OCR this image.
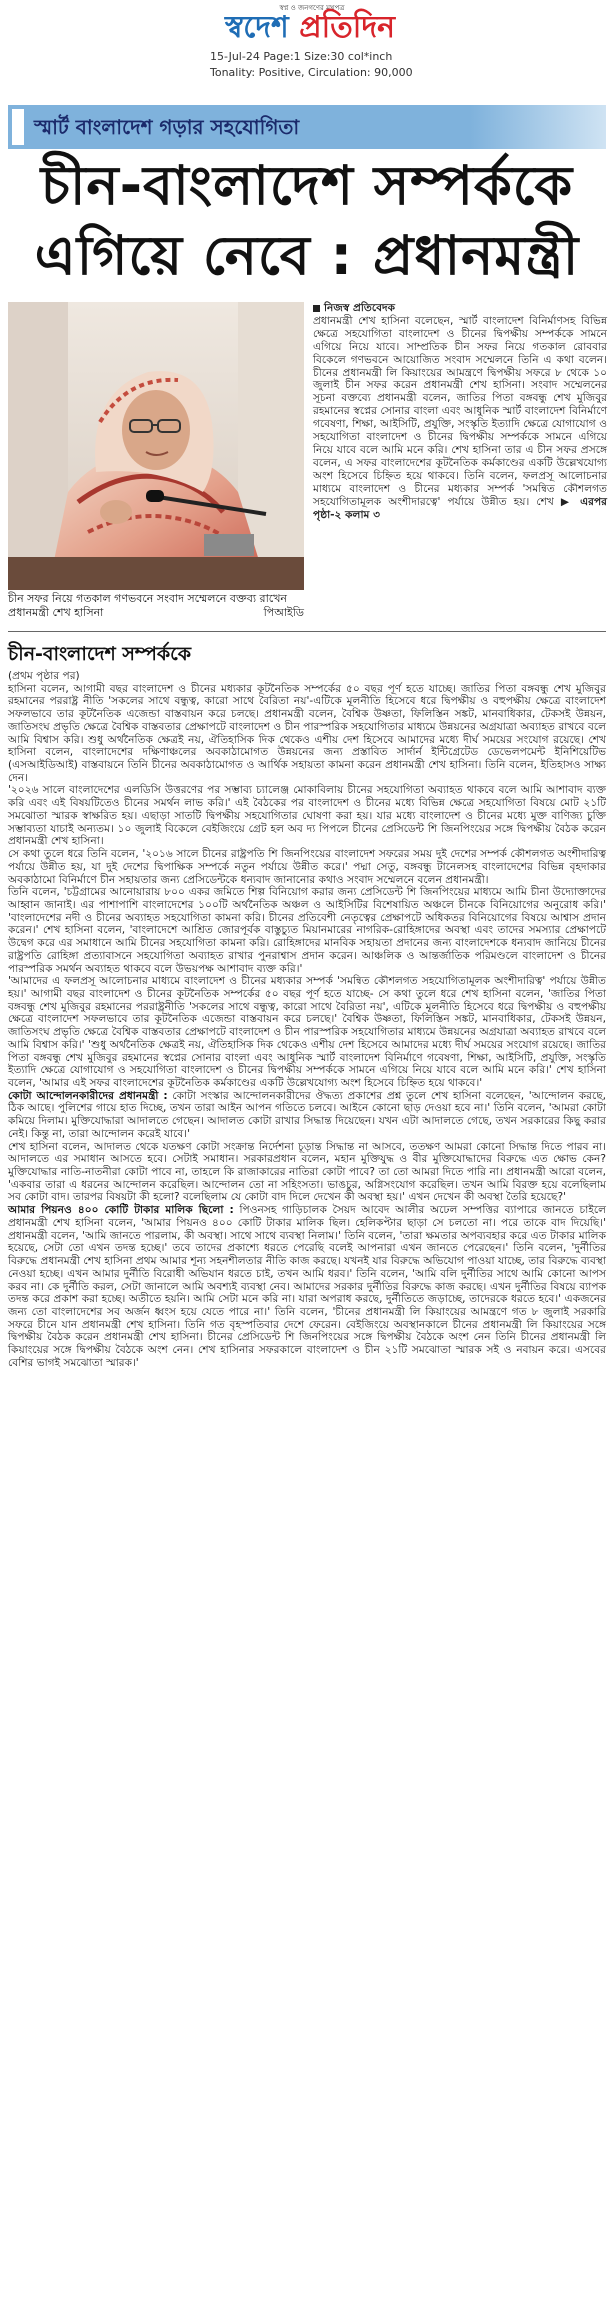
স্বপ্ন ও জনগণের মুখপত্র
স্বদেশ প্রতিদিন
15-Jul-24 Page:1 Size:30 col*inch
Tonality: Positive, Circulation: 90,000
স্মার্ট বাংলাদেশ গড়ার সহযোগিতা
চীন-বাংলাদেশ সম্পর্ককে
এগিয়ে নেবে : প্রধানমন্ত্রী
চীন সফর নিয়ে গতকাল গণভবনে সংবাদ সম্মেলনে বক্তব্য রাখেন প্রধানমন্ত্রী শেখ হাসিনা	পিআইডি
নিজস্ব প্রতিবেদক
প্রধানমন্ত্রী শেখ হাসিনা বলেছেন, স্মার্ট বাংলাদেশ বিনির্মাণসহ বিভিন্ন ক্ষেত্রে সহযোগিতা বাংলাদেশ ও চীনের দ্বিপক্ষীয় সম্পর্ককে সামনে এগিয়ে নিয়ে যাবে। সাম্প্রতিক চীন সফর নিয়ে গতকাল রোববার বিকেলে গণভবনে আয়োজিত সংবাদ সম্মেলনে তিনি এ কথা বলেন। চীনের প্রধানমন্ত্রী লি কিয়াংয়ের আমন্ত্রণে দ্বিপক্ষীয় সফরে ৮ থেকে ১০ জুলাই চীন সফর করেন প্রধানমন্ত্রী শেখ হাসিনা। সংবাদ সম্মেলনের সূচনা বক্তব্যে প্রধানমন্ত্রী বলেন, জাতির পিতা বঙ্গবন্ধু শেখ মুজিবুর রহমানের স্বপ্নের সোনার বাংলা এবং আধুনিক স্মার্ট বাংলাদেশ বিনির্মাণে গবেষণা, শিক্ষা, আইসিটি, প্রযুক্তি, সংস্কৃতি ইত্যাদি ক্ষেত্রে যোগাযোগ ও সহযোগিতা বাংলাদেশ ও চীনের দ্বিপক্ষীয় সম্পর্ককে সামনে এগিয়ে নিয়ে যাবে বলে আমি মনে করি। শেখ হাসিনা তার এ চীন সফর প্রসঙ্গে বলেন, এ সফর বাংলাদেশের কূটনৈতিক কর্মকাণ্ডের একটি উল্লেখযোগ্য অংশ হিসেবে চিহ্নিত হয়ে থাকবে। তিনি বলেন, ফলপ্রসূ আলোচনার মাধ্যমে বাংলাদেশ ও চীনের মধ্যকার সম্পর্ক 'সমন্বিত কৌশলগত সহযোগিতামূলক অংশীদারত্বে' পর্যায়ে উন্নীত হয়। শেখ ▶ এরপর পৃষ্ঠা-২ কলাম ৩
চীন-বাংলাদেশ সম্পর্ককে

(প্রথম পৃষ্ঠার পর)

হাসিনা বলেন, আগামী বছর বাংলাদেশ ও চীনের মধ্যকার কূটনৈতিক সম্পর্কের ৫০ বছর পূর্ণ হতে যাচ্ছে। জাতির পিতা বঙ্গবন্ধু শেখ মুজিবুর রহমানের পররাষ্ট্র নীতি 'সকলের সাথে বন্ধুত্ব, কারো সাথে বৈরিতা নয়'-এটিকে মূলনীতি হিসেবে ধরে দ্বিপক্ষীয় ও বহুপক্ষীয় ক্ষেত্রে বাংলাদেশ সফলভাবে তার কূটনৈতিক এজেন্ডা বাস্তবায়ন করে চলছে। প্রধানমন্ত্রী বলেন, বৈশ্বিক উষ্ণতা, ফিলিস্তিন সঙ্কট, মানবাধিকার, টেকসই উন্নয়ন, জাতিসংঘ প্রভৃতি ক্ষেত্রে বৈশ্বিক বাস্তবতার প্রেক্ষাপটে বাংলাদেশ ও চীন পারস্পরিক সহযোগিতার মাধ্যমে উন্নয়নের অগ্রযাত্রা অব্যাহত রাখবে বলে আমি বিশ্বাস করি। শুধু অর্থনৈতিক ক্ষেত্রই নয়, ঐতিহাসিক দিক থেকেও এশীয় দেশ হিসেবে আমাদের মধ্যে দীর্ঘ সময়ের সংযোগ রয়েছে। শেখ হাসিনা বলেন, বাংলাদেশের দক্ষিণাঞ্চলের অবকাঠামোগত উন্নয়নের জন্য প্রস্তাবিত সার্দার্ন ইন্টিগ্রেটেড ডেভেলপমেন্ট ইনিশিয়েটিভ (এসআইডিআই) বাস্তবায়নে তিনি চীনের অবকাঠামোগত ও আর্থিক সহায়তা কামনা করেন প্রধানমন্ত্রী শেখ হাসিনা। তিনি বলেন, ইতিহাসও সাক্ষ্য দেন।

'২০২৬ সালে বাংলাদেশের এলডিসি উত্তরণের পর সম্ভাব্য চ্যালেঞ্জ মোকাবিলায় চীনের সহযোগিতা অব্যাহত থাকবে বলে আমি আশাবাদ ব্যক্ত করি এবং এই বিষয়টিতেও চীনের সমর্থন লাভ করি।' এই বৈঠকের পর বাংলাদেশ ও চীনের মধ্যে বিভিন্ন ক্ষেত্রে সহযোগিতা বিষয়ে মোট ২১টি সমঝোতা স্মারক স্বাক্ষরিত হয়। এছাড়া সাতটি দ্বিপক্ষীয় সহযোগিতার ঘোষণা করা হয়। যার মধ্যে বাংলাদেশ ও চীনের মধ্যে মুক্ত বাণিজ্য চুক্তি সম্ভাব্যতা যাচাই অন্যতম। ১০ জুলাই বিকেলে বেইজিংয়ে গ্রেট হল অব দ্য পিপলে চীনের প্রেসিডেন্ট শি জিনপিংয়ের সঙ্গে দ্বিপক্ষীয় বৈঠক করেন প্রধানমন্ত্রী শেখ হাসিনা।

সে কথা তুলে ধরে তিনি বলেন, '২০১৬ সালে চীনের রাষ্ট্রপতি শি জিনপিংয়ের বাংলাদেশ সফরের সময় দুই দেশের সম্পর্ক কৌশলগত অংশীদারিত্ব পর্যায়ে উন্নীত হয়, যা দুই দেশের দ্বিপাক্ষিক সম্পর্কে নতুন পর্যায়ে উন্নীত করে।' পদ্মা সেতু, বঙ্গবন্ধু টানেলসহ বাংলাদেশের বিভিন্ন বৃহদাকার অবকাঠামো বিনির্মাণে চীন সহায়তার জন্য প্রেসিডেন্টকে ধন্যবাদ জানানোর কথাও সংবাদ সম্মেলনে বলেন প্রধানমন্ত্রী।

তিনি বলেন, 'চট্টগ্রামের আনোয়ারায় ৮০০ একর জমিতে শিল্প বিনিয়োগ করার জন্য প্রেসিডেন্ট শি জিনপিংয়ের মাধ্যমে আমি চীনা উদ্যোক্তাদের আহ্বান জানাই। এর পাশাপাশি বাংলাদেশের ১০০টি অর্থনৈতিক অঞ্চল ও আইসিটির বিশেষায়িত অঞ্চলে চীনকে বিনিয়োগের অনুরোধ করি।' 'বাংলাদেশের নদী ও চীনের অব্যাহত সহযোগিতা কামনা করি। চীনের প্রতিবেশী নেতৃত্বের প্রেক্ষাপটে অধিকতর বিনিয়োগের বিষয়ে আশ্বাস প্রদান করেন।' শেখ হাসিনা বলেন, 'বাংলাদেশে আশ্রিত জোরপূর্বক বাস্তুচ্যুত মিয়ানমারের নাগরিক-রোহিঙ্গাদের অবস্থা এবং তাদের সমস্যার প্রেক্ষাপটে উদ্বেগ করে এর সমাধানে আমি চীনের সহযোগিতা কামনা করি। রোহিঙ্গাদের মানবিক সহায়তা প্রদানের জন্য বাংলাদেশকে ধন্যবাদ জানিয়ে চীনের রাষ্ট্রপতি রোহিঙ্গা প্রত্যাবাসনে সহযোগিতা অব্যাহত রাখার পুনরাশ্বাস প্রদান করেন। আঞ্চলিক ও আন্তর্জাতিক পরিমণ্ডলে বাংলাদেশ ও চীনের পারস্পরিক সমর্থন অব্যাহত থাকবে বলে উভয়পক্ষ আশাবাদ ব্যক্ত করি।'

'আমাদের এ ফলপ্রসূ আলোচনার মাধ্যমে বাংলাদেশ ও চীনের মধ্যকার সম্পর্ক 'সমন্বিত কৌশলগত সহযোগিতামূলক অংশীদারিত্ব' পর্যায়ে উন্নীত হয়।' আগামী বছর বাংলাদেশ ও চীনের কূটনৈতিক সম্পর্কের ৫০ বছর পূর্ণ হতে যাচ্ছে- সে কথা তুলে ধরে শেখ হাসিনা বলেন, 'জাতির পিতা বঙ্গবন্ধু শেখ মুজিবুর রহমানের পররাষ্ট্রনীতি 'সকলের সাথে বন্ধুত্ব, কারো সাথে বৈরিতা নয়', এটিকে মূলনীতি হিসেবে ধরে দ্বিপক্ষীয় ও বহুপক্ষীয় ক্ষেত্রে বাংলাদেশ সফলভাবে তার কূটনৈতিক এজেন্ডা বাস্তবায়ন করে চলছে।' বৈশ্বিক উষ্ণতা, ফিলিস্তিন সঙ্কট, মানবাধিকার, টেকসই উন্নয়ন, জাতিসংঘ প্রভৃতি ক্ষেত্রে বৈশ্বিক বাস্তবতার প্রেক্ষাপটে বাংলাদেশ ও চীন পারস্পরিক সহযোগিতার মাধ্যমে উন্নয়নের অগ্রযাত্রা অব্যাহত রাখবে বলে আমি বিশ্বাস করি।' 'শুধু অর্থনৈতিক ক্ষেত্রই নয়, ঐতিহাসিক দিক থেকেও এশীয় দেশ হিসেবে আমাদের মধ্যে দীর্ঘ সময়ের সংযোগ রয়েছে। জাতির পিতা বঙ্গবন্ধু শেখ মুজিবুর রহমানের স্বপ্নের সোনার বাংলা এবং আধুনিক স্মার্ট বাংলাদেশ বিনির্মাণে গবেষণা, শিক্ষা, আইসিটি, প্রযুক্তি, সংস্কৃতি ইত্যাদি ক্ষেত্রে যোগাযোগ ও সহযোগিতা বাংলাদেশ ও চীনের দ্বিপক্ষীয় সম্পর্ককে সামনে এগিয়ে নিয়ে যাবে বলে আমি মনে করি।' শেখ হাসিনা বলেন, 'আমার এই সফর বাংলাদেশের কূটনৈতিক কর্মকাণ্ডের একটি উল্লেখযোগ্য অংশ হিসেবে চিহ্নিত হয়ে থাকবে।'

কোটা আন্দোলনকারীদের প্রধানমন্ত্রী : কোটা সংস্কার আন্দোলনকারীদের ঔদ্ধত্য প্রকাশের প্রশ্ন তুলে শেখ হাসিনা বলেছেন, 'আন্দোলন করছে, ঠিক আছে। পুলিশের গায়ে হাত দিচ্ছে, তখন তারা আইন আপন গতিতে চলবে। আইনে কোনো ছাড় দেওয়া হবে না।' তিনি বলেন, 'আমরা কোটা কমিয়ে দিলাম। মুক্তিযোদ্ধারা আদালতে গেছেন। আদালত কোটা রাখার সিদ্ধান্ত দিয়েছেন। যখন এটা আদালতে গেছে, তখন সরকারের কিছু করার নেই। কিন্তু না, তারা আন্দোলন করেই যাবে।'

শেখ হাসিনা বলেন, আদালত থেকে যতক্ষণ কোটা সংক্রান্ত নির্দেশনা চূড়ান্ত সিদ্ধান্ত না আসবে, ততক্ষণ আমরা কোনো সিদ্ধান্ত দিতে পারব না। আদালতে এর সমাধান আসতে হবে। সেটাই সমাধান। সরকারপ্রধান বলেন, মহান মুক্তিযুদ্ধ ও বীর মুক্তিযোদ্ধাদের বিরুদ্ধে এত ক্ষোভ কেন? মুক্তিযোদ্ধার নাতি-নাতনীরা কোটা পাবে না, তাহলে কি রাজাকারের নাতিরা কোটা পাবে? তা তো আমরা দিতে পারি না। প্রধানমন্ত্রী আরো বলেন, 'একবার তারা এ ধরনের আন্দোলন করেছিল। আন্দোলন তো না সহিংসতা। ভাঙচুর, অগ্নিসংযোগ করেছিল। তখন আমি বিরক্ত হয়ে বলেছিলাম সব কোটা বাদ। তারপর বিষয়টা কী হলো? বলেছিলাম যে কোটা বাদ দিলে দেখেন কী অবস্থা হয়।' এখন দেখেন কী অবস্থা তৈরি হয়েছে?'

আমার পিয়নও ৪০০ কোটি টাকার মালিক ছিলো : পিওনসহ গাড়িচালক সৈয়দ আবেদ আলীর অঢেল সম্পত্তির ব্যাপারে জানতে চাইলে প্রধানমন্ত্রী শেখ হাসিনা বলেন, 'আমার পিয়নও ৪০০ কোটি টাকার মালিক ছিল। হেলিকপ্টার ছাড়া সে চলতো না। পরে তাকে বাদ দিয়েছি।' প্রধানমন্ত্রী বলেন, 'আমি জানতে পারলাম, কী অবস্থা। সাথে সাথে ব্যবস্থা নিলাম।' তিনি বলেন, 'তারা ক্ষমতার অপব্যবহার করে এত টাকার মালিক হয়েছে, সেটা তো এখন তদন্ত হচ্ছে।' তবে তাদের প্রকাশ্যে ধরতে পেরেছি বলেই আপনারা এখন জানতে পেরেছেন।' তিনি বলেন, 'দুর্নীতির বিরুদ্ধে প্রধানমন্ত্রী শেখ হাসিনা প্রথম আমার শূন্য সহনশীলতার নীতি কাজ করছে। যখনই যার বিরুদ্ধে অভিযোগ পাওয়া যাচ্ছে, তার বিরুদ্ধে ব্যবস্থা নেওয়া হচ্ছে। এখন আমার দুর্নীতি বিরোধী অভিযান ধরতে চাই, তখন আমি ধরব।' তিনি বলেন, 'আমি বলি দুর্নীতির সাথে আমি কোনো আপস করব না। কে দুর্নীতি করল, সেটা জানালে আমি অবশ্যই ব্যবস্থা নেব। আমাদের সরকার দুর্নীতির বিরুদ্ধে কাজ করছে। এখন দুর্নীতির বিষয়ে ব্যাপক তদন্ত করে প্রকাশ করা হচ্ছে। অতীতে হয়নি। আমি সেটা মনে করি না। যারা অপরাধ করছে, দুর্নীতিতে জড়াচ্ছে, তাদেরকে ধরতে হবে।' একজনের জন্য তো বাংলাদেশের সব অর্জন ধ্বংস হয়ে যেতে পারে না।' তিনি বলেন, 'চীনের প্রধানমন্ত্রী লি কিয়াংয়ের আমন্ত্রণে গত ৮ জুলাই সরকারি সফরে চীনে যান প্রধানমন্ত্রী শেখ হাসিনা। তিনি গত বৃহস্পতিবার দেশে ফেরেন। বেইজিংয়ে অবস্থানকালে চীনের প্রধানমন্ত্রী লি কিয়াংয়ের সঙ্গে দ্বিপক্ষীয় বৈঠক করেন প্রধানমন্ত্রী শেখ হাসিনা। চীনের প্রেসিডেন্ট শি জিনপিংয়ের সঙ্গে দ্বিপক্ষীয় বৈঠকে অংশ নেন তিনি চীনের প্রধানমন্ত্রী লি কিয়াংয়ের সঙ্গে দ্বিপক্ষীয় বৈঠকে অংশ নেন। শেখ হাসিনার সফরকালে বাংলাদেশ ও চীন ২১টি সমঝোতা স্মারক সই ও নবায়ন করে। এসবের বেশির ভাগই সমঝোতা স্মারক।'
